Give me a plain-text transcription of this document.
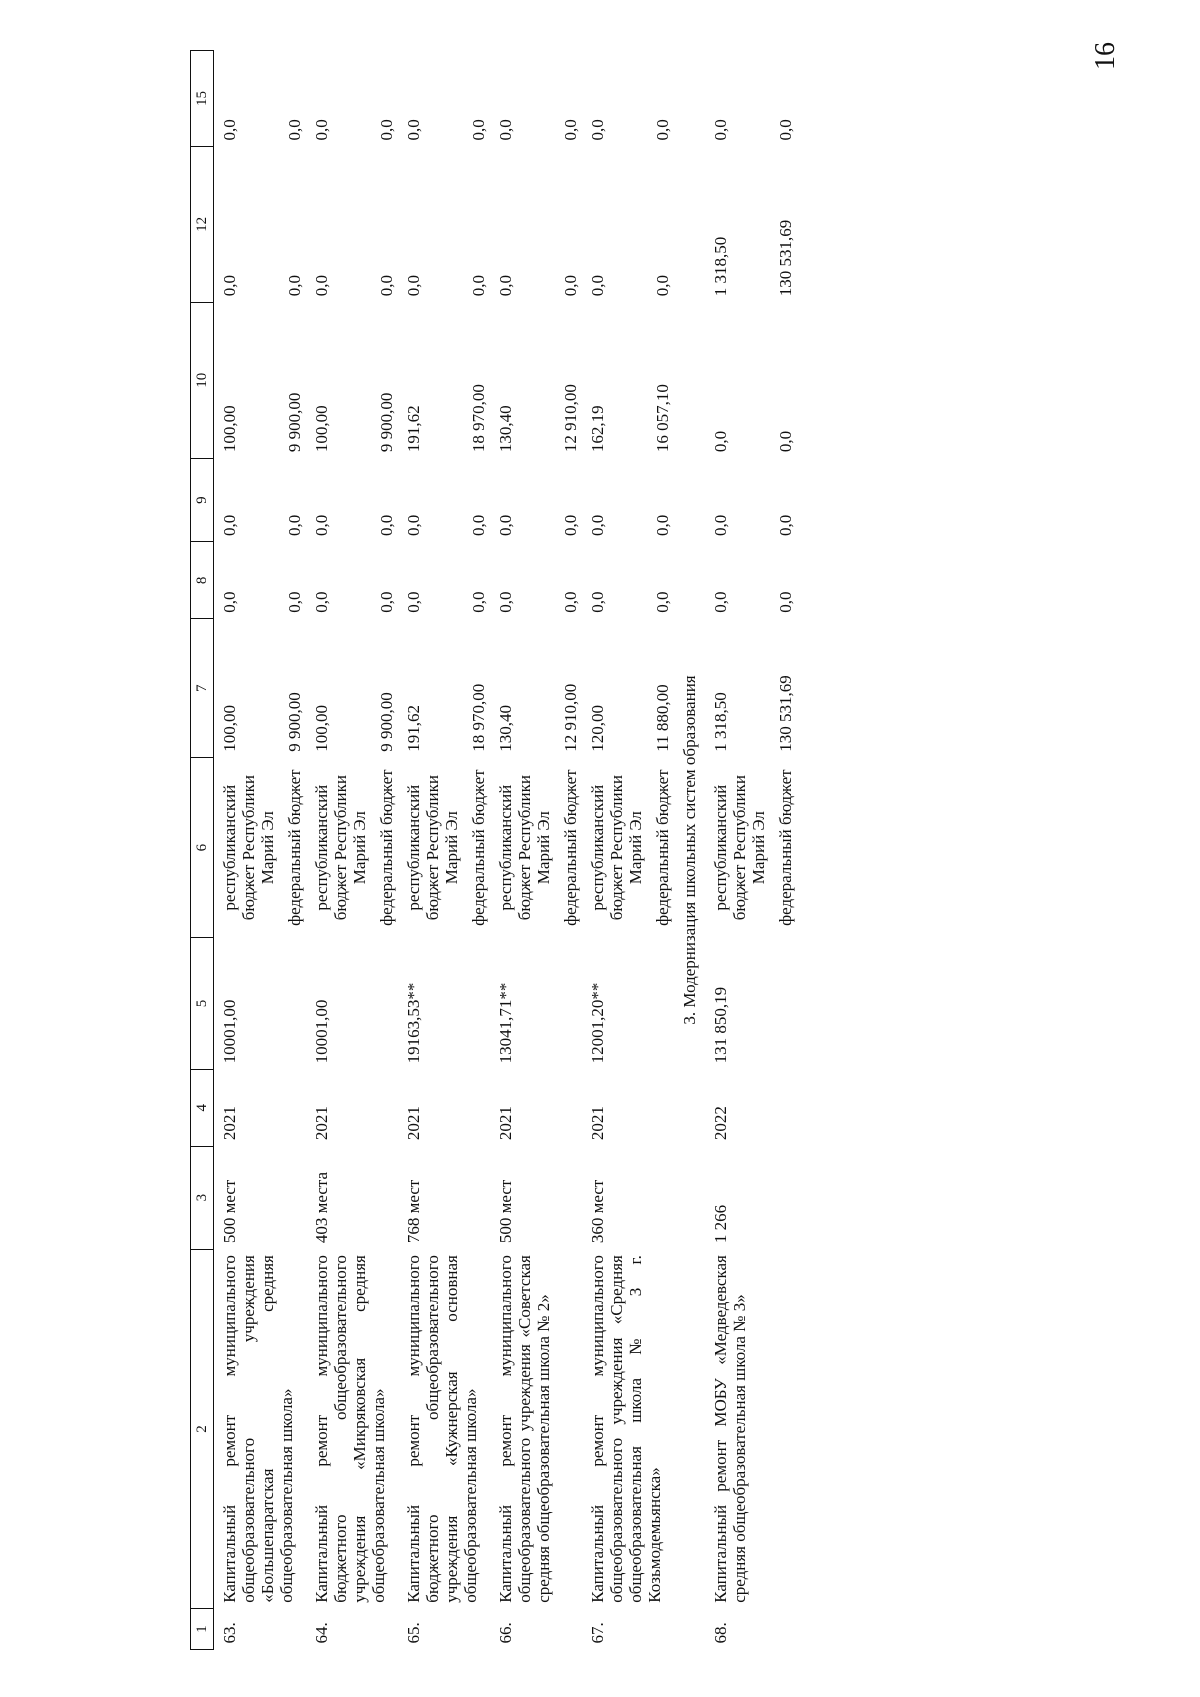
16
1	2	3	4	5	6	7	8	9	10	12	15
63.	Капитальный ремонт муниципального общеобразовательного учреждения «Большепаратская средняя общеобразовательная школа»	500 мест	2021	10001,00	республиканский бюджет Республики Марий Эл	100,00	0,0	0,0	100,00	0,0	0,0
					федеральный бюджет	9 900,00	0,0	0,0	9 900,00	0,0	0,0
64.	Капитальный ремонт муниципального бюджетного общеобразовательного учреждения «Микряковская средняя общеобразовательная школа»	403 места	2021	10001,00	республиканский бюджет Республики Марий Эл	100,00	0,0	0,0	100,00	0,0	0,0
					федеральный бюджет	9 900,00	0,0	0,0	9 900,00	0,0	0,0
65.	Капитальный ремонт муниципального бюджетного общеобразовательного учреждения «Кужнерская основная общеобразовательная школа»	768 мест	2021	19163,53**	республиканский бюджет Республики Марий Эл	191,62	0,0	0,0	191,62	0,0	0,0
					федеральный бюджет	18 970,00	0,0	0,0	18 970,00	0,0	0,0
66.	Капитальный ремонт муниципального общеобразовательного учреждения «Советская средняя общеобразовательная школа № 2»	500 мест	2021	13041,71**	республиканский бюджет Республики Марий Эл	130,40	0,0	0,0	130,40	0,0	0,0
					федеральный бюджет	12 910,00	0,0	0,0	12 910,00	0,0	0,0
67.	Капитальный ремонт муниципального общеобразовательного учреждения «Средняя общеобразовательная школа № 3 г. Козьмодемьянска»	360 мест	2021	12001,20**	республиканский бюджет Республики Марий Эл	120,00	0,0	0,0	162,19	0,0	0,0
					федеральный бюджет	11 880,00	0,0	0,0	16 057,10	0,0	0,0
3. Модернизация школьных систем образования											
68.	Капитальный ремонт МОБУ «Медведевская средняя общеобразовательная школа № 3»	1 266	2022	131 850,19	республиканский бюджет Республики Марий Эл	1 318,50	0,0	0,0	0,0	1 318,50	0,0
					федеральный бюджет	130 531,69	0,0	0,0	0,0	130 531,69	0,0
